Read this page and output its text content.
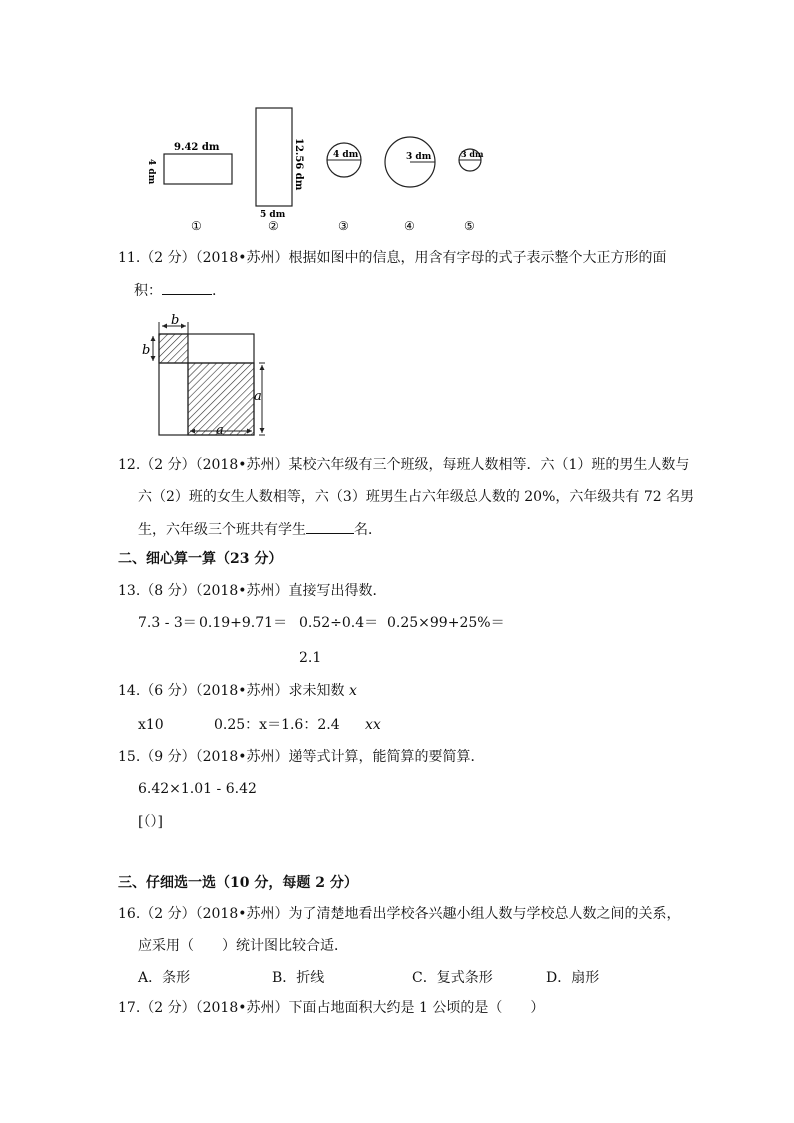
9.42 dm
4 dm	12.56 dm
5 dm
4 dm	3 dm	3 dm
①	②	③	④	⑤
11.（2 分）（2018•苏州）根据如图中的信息，用含有字母的式子表示整个大正方形的面
积：	.
b
b
a
a
12.（2 分）（2018•苏州）某校六年级有三个班级，每班人数相等．六（1）班的男生人数与
六（2）班的女生人数相等，六（3）班男生占六年级总人数的 20%，六年级共有 72 名男
生，六年级三个班共有学生	名．
二、细心算一算（23 分）
13.（8 分）（2018•苏州）直接写出得数．
7.3 - 3＝ 0.19+9.71＝ 0.52÷0.4＝ 0.25×99+25%＝
2.1
14.（6 分）（2018•苏州）求未知数 x
x10	0.25：x＝1.6：2.4 xx
15.（9 分）（2018•苏州）递等式计算，能简算的要简算．
6.42×1.01 - 6.42
[（）]
三、仔细选一选（10 分，每题 2 分）
16.（2 分）（2018•苏州）为了清楚地看出学校各兴趣小组人数与学校总人数之间的关系，
应采用（　　）统计图比较合适．
A．条形	B．折线	C．复式条形	D．扇形
17.（2 分）（2018•苏州）下面占地面积大约是 1 公顷的是（　　）
